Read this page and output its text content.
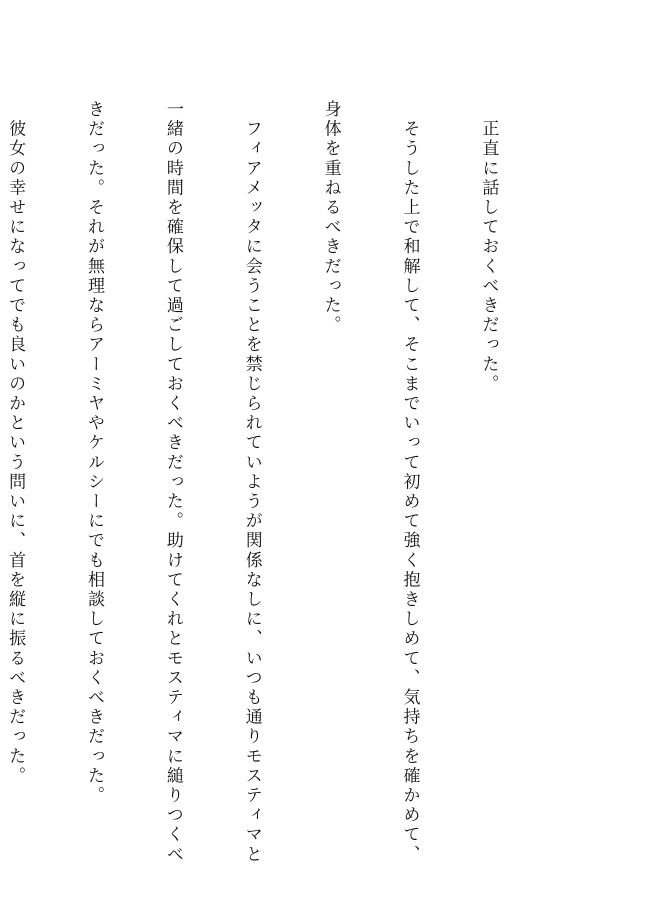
　正直に話しておくべきだった。

　そうした上で和解して、そこまでいって初めて強く抱きしめて、気持ちを確かめて、

身体を重ねるべきだった。

　フィアメッタに会うことを禁じられていようが関係なしに、いつも通りモスティマと

一緒の時間を確保して過ごしておくべきだった。助けてくれとモスティマに縋りつくべ

きだった。それが無理ならアーミヤやケルシーにでも相談しておくべきだった。

　彼女の幸せになってでも良いのかという問いに、首を縦に振るべきだった。
